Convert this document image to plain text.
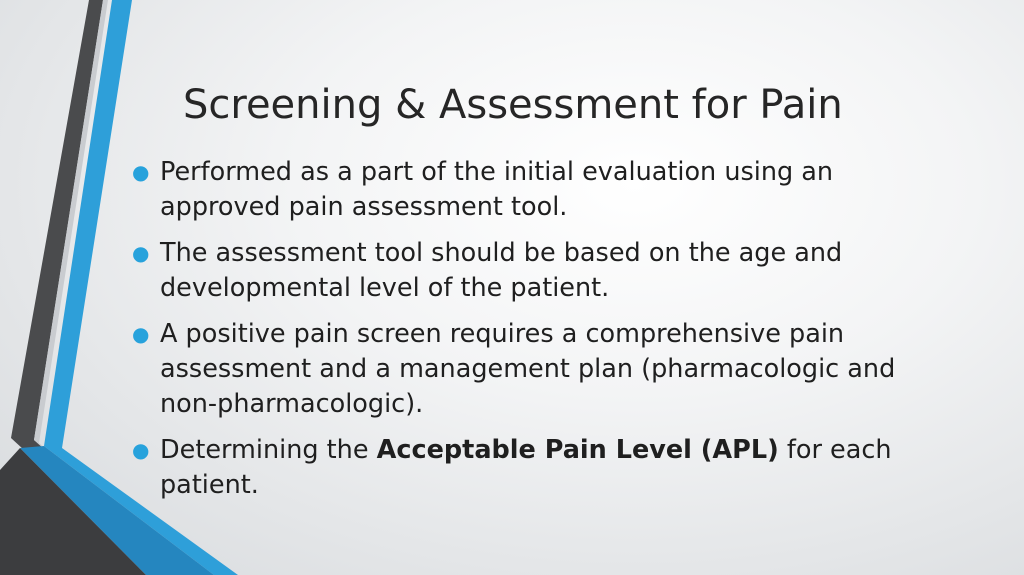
Screening & Assessment for Pain
● Performed as a part of the initial evaluation using an approved pain assessment tool.
● The assessment tool should be based on the age and developmental level of the patient.
● A positive pain screen requires a comprehensive pain assessment and a management plan (pharmacologic and non-pharmacologic).
● Determining the Acceptable Pain Level (APL) for each patient.
